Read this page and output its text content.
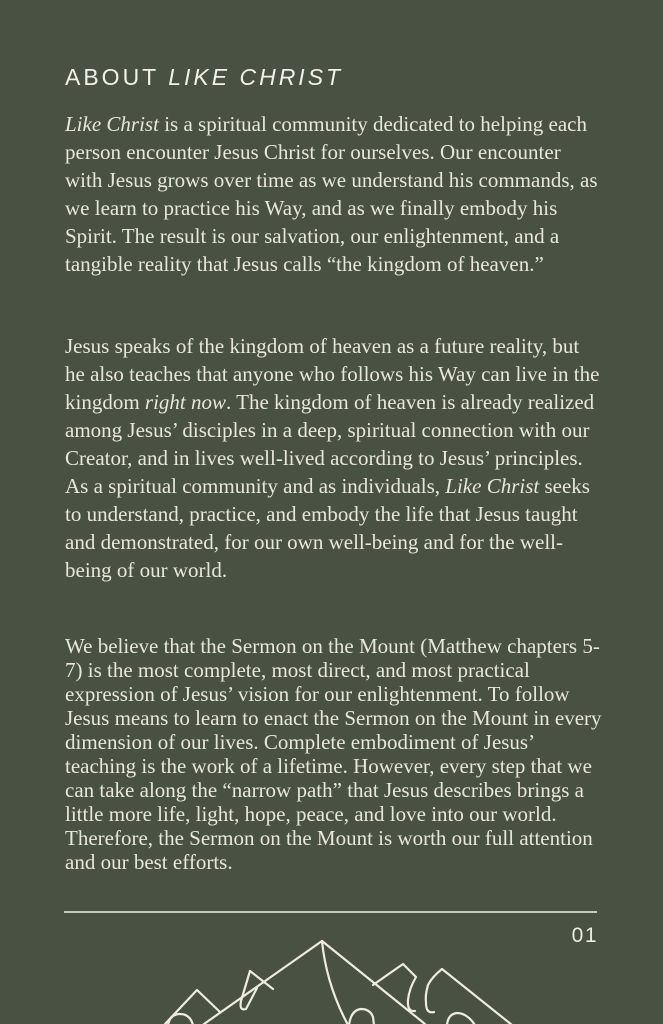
ABOUT LIKE CHRIST

Like Christ is a spiritual community dedicated to helping each person encounter Jesus Christ for ourselves. Our encounter with Jesus grows over time as we understand his commands, as we learn to practice his Way, and as we finally embody his Spirit. The result is our salvation, our enlightenment, and a tangible reality that Jesus calls “the kingdom of heaven.”

Jesus speaks of the kingdom of heaven as a future reality, but he also teaches that anyone who follows his Way can live in the kingdom right now. The kingdom of heaven is already realized among Jesus’ disciples in a deep, spiritual connection with our Creator, and in lives well-lived according to Jesus’ principles. As a spiritual community and as individuals, Like Christ seeks to understand, practice, and embody the life that Jesus taught and demonstrated, for our own well-being and for the well-being of our world.

We believe that the Sermon on the Mount (Matthew chapters 5-7) is the most complete, most direct, and most practical expression of Jesus’ vision for our enlightenment. To follow Jesus means to learn to enact the Sermon on the Mount in every dimension of our lives. Complete embodiment of Jesus’ teaching is the work of a lifetime. However, every step that we can take along the “narrow path” that Jesus describes brings a little more life, light, hope, peace, and love into our world. Therefore, the Sermon on the Mount is worth our full attention and our best efforts.

01
